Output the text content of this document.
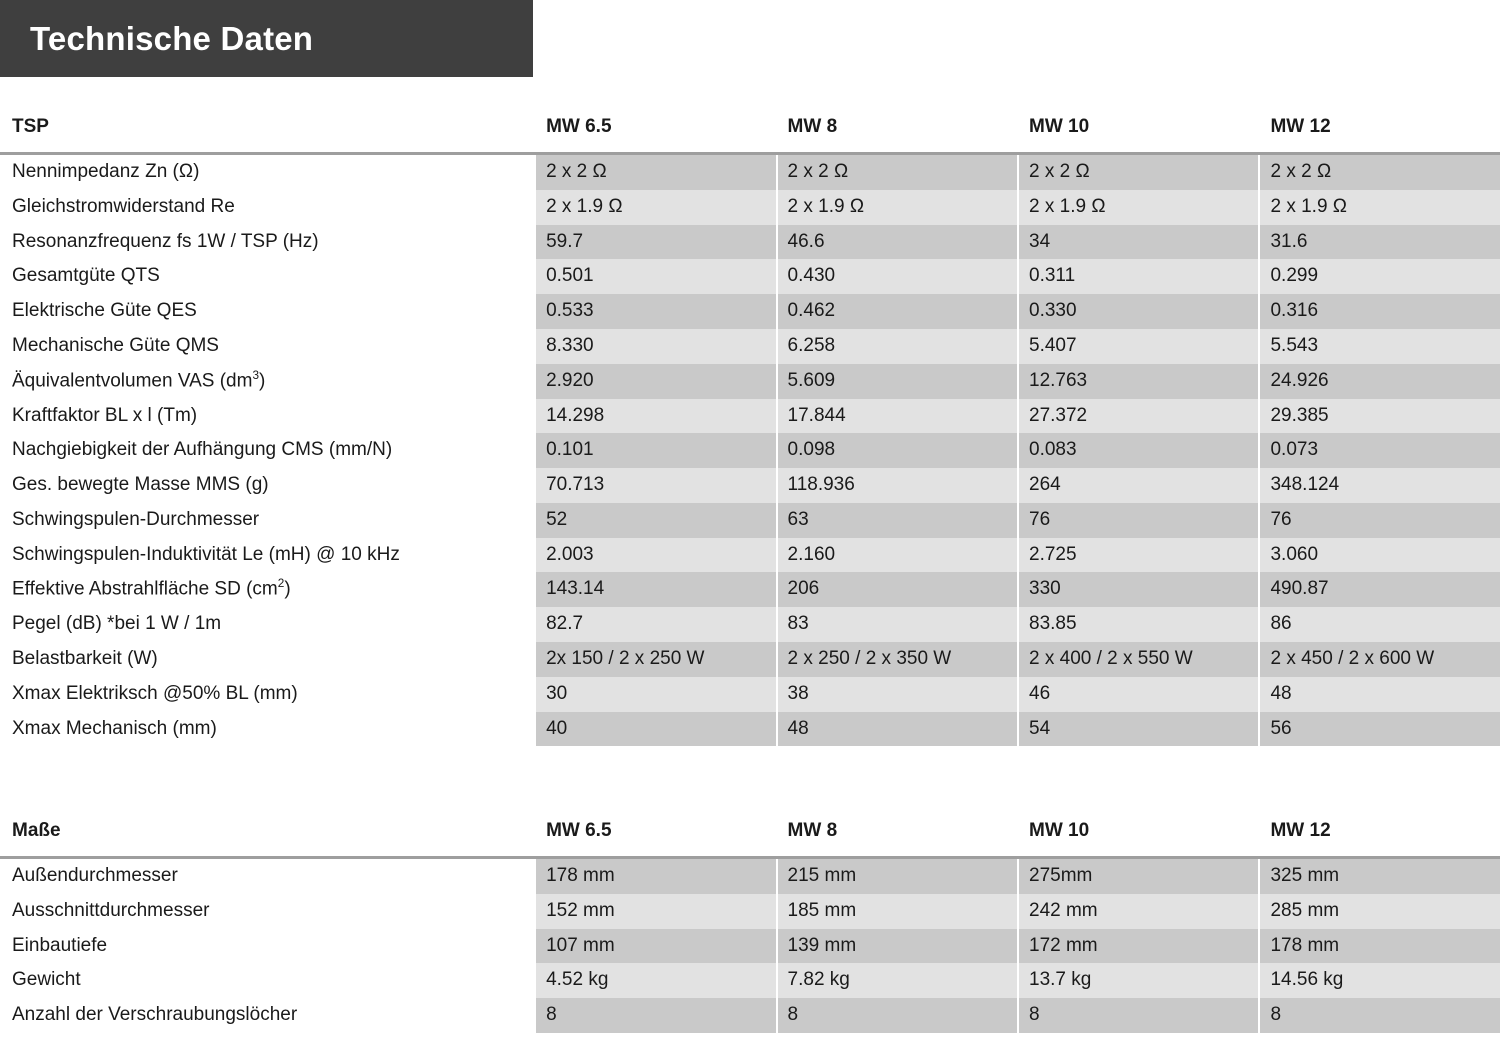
Technische Daten
TSP	MW 6.5	MW 8	MW 10	MW 12
Nennimpedanz Zn (Ω)	2 x 2 Ω	2 x 2 Ω	2 x 2 Ω	2 x 2 Ω
Gleichstromwiderstand Re	2 x 1.9 Ω	2 x 1.9 Ω	2 x 1.9 Ω	2 x 1.9 Ω
Resonanzfrequenz fs 1W / TSP (Hz)	59.7	46.6	34	31.6
Gesamtgüte QTS	0.501	0.430	0.311	0.299
Elektrische Güte QES	0.533	0.462	0.330	0.316
Mechanische Güte QMS	8.330	6.258	5.407	5.543
Äquivalentvolumen VAS $(dm^3)$	2.920	5.609	12.763	24.926
Kraftfaktor BL x l (Tm)	14.298	17.844	27.372	29.385
Nachgiebigkeit der Aufhängung CMS (mm/N)	0.101	0.098	0.083	0.073
Ges. bewegte Masse MMS (g)	70.713	118.936	264	348.124
Schwingspulen-Durchmesser	52	63	76	76
Schwingspulen-Induktivität Le (mH) @ 10 kHz	2.003	2.160	2.725	3.060
Effektive Abstrahlfläche SD $(cm^2)$	143.14	206	330	490.87
Pegel (dB) *bei 1 W / 1m	82.7	83	83.85	86
Belastbarkeit (W)	2x 150 / 2 x 250 W	2 x 250 / 2 x 350 W	2 x 400 / 2 x 550 W	2 x 450 / 2 x 600 W
Xmax Elektriksch @50% BL (mm)	30	38	46	48
Xmax Mechanisch (mm)	40	48	54	56
Maße	MW 6.5	MW 8	MW 10	MW 12
Außendurchmesser	178 mm	215 mm	275mm	325 mm
Ausschnittdurchmesser	152 mm	185 mm	242 mm	285 mm
Einbautiefe	107 mm	139 mm	172 mm	178 mm
Gewicht	4.52 kg	7.82 kg	13.7 kg	14.56 kg
Anzahl der Verschraubungslöcher	8	8	8	8
